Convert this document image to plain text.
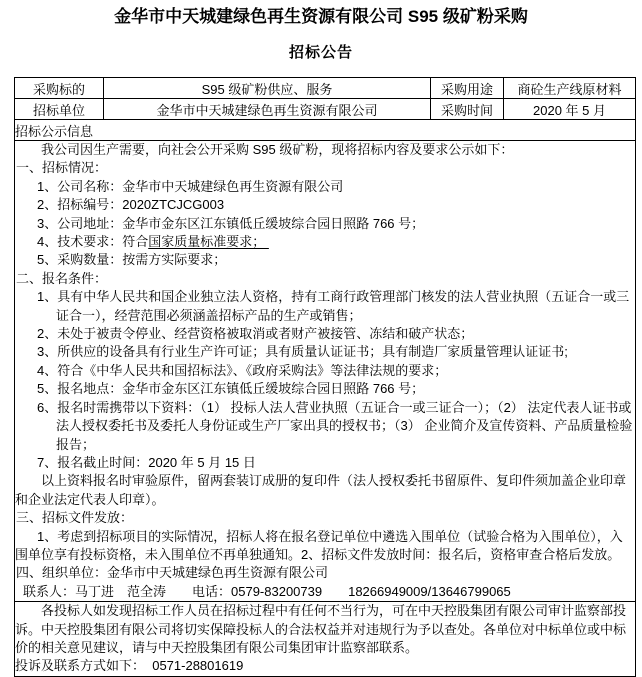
金华市中天城建绿色再生资源有限公司 S95 级矿粉采购
招标公告
采购标的	S95 级矿粉供应、服务	采购用途	商砼生产线原材料
招标单位	金华市中天城建绿色再生资源有限公司	采购时间	2020 年 5 月
招标公示信息			

我公司因生产需要，向社会公开采购 S95 级矿粉，现将招标内容及要求公示如下：

一、招标情况：

1、公司名称：金华市中天城建绿色再生资源有限公司

2、招标编号：2020ZTCJCG003

3、公司地址：金华市金东区江东镇低丘缓坡综合园日照路 766 号；

4、技术要求：符合国家质量标准要求；

5、采购数量：按需方实际要求；

二、报名条件：

1、具有中华人民共和国企业独立法人资格，持有工商行政管理部门核发的法人营业执照（五证合一或三证合一），经营范围必须涵盖招标产品的生产或销售；

2、未处于被责令停业、经营资格被取消或者财产被接管、冻结和破产状态；

3、所供应的设备具有行业生产许可证；具有质量认证证书；具有制造厂家质量管理认证证书;

4、符合《中华人民共和国招标法》、《政府采购法》等法律法规的要求；

5、报名地点：金华市金东区江东镇低丘缓坡综合园日照路 766 号；

6、报名时需携带以下资料：（1） 投标人法人营业执照（五证合一或三证合一）；（2） 法定代表人证书或法人授权委托书及委托人身份证或生产厂家出具的授权书；（3） 企业简介及宣传资料、产品质量检验报告；

7、报名截止时间：2020 年 5 月 15 日

以上资料报名时审验原件，留两套装订成册的复印件（法人授权委托书留原件、复印件须加盖企业印章和企业法定代表人印章）。

三、招标文件发放：

1、考虑到招标项目的实际情况，招标人将在报名登记单位中遴选入围单位（试验合格为入围单位），入围单位享有投标资格，未入围单位不再单独通知。2、招标文件发放时间：报名后，资格审查合格后发放。

四、组织单位：金华市中天城建绿色再生资源有限公司

联系人：马丁进　范全涛　　电话：0579-83200739　　18266949009/13646799065

各投标人如发现招标工作人员在招标过程中有任何不当行为，可在中天控股集团有限公司审计监察部投诉。中天控股集团有限公司将切实保障投标人的合法权益并对违规行为予以查处。各单位对中标单位或中标价的相关意见建议，请与中天控股集团有限公司集团审计监察部联系。

投诉及联系方式如下：  0571-28801619			
